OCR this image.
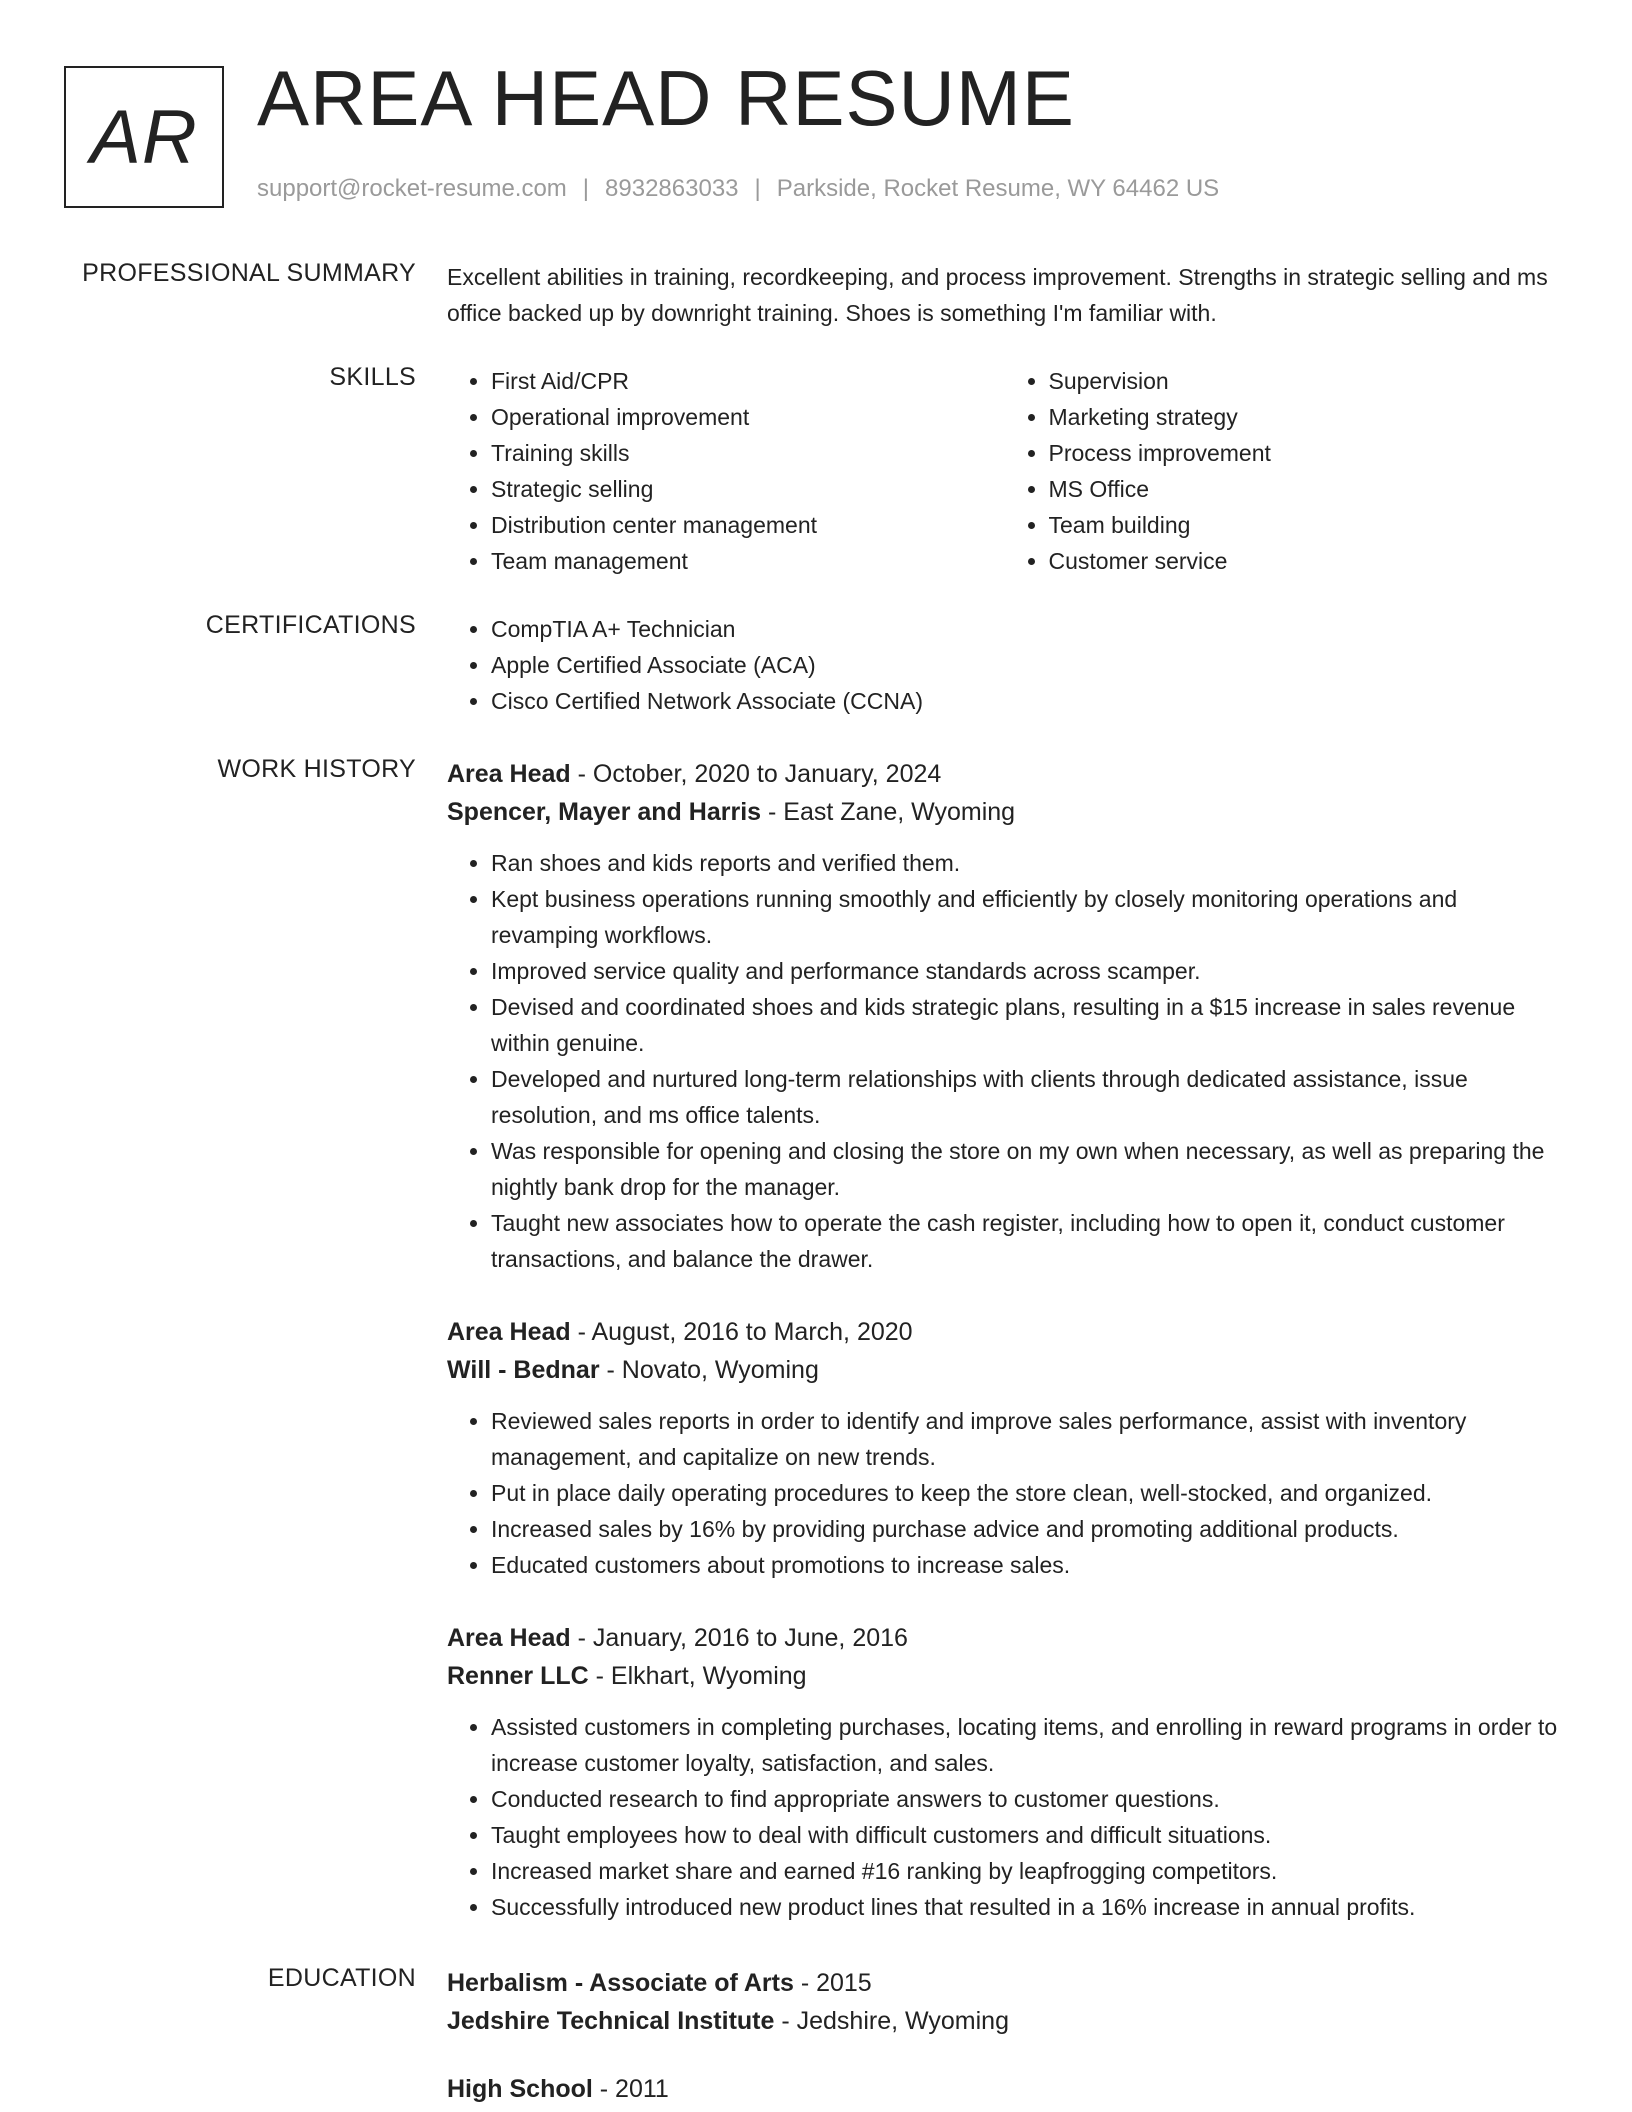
AR AREA HEAD RESUME
support@rocket-resume.com | 8932863033 | Parkside, Rocket Resume, WY 64462 US
PROFESSIONAL SUMMARY Excellent abilities in training, recordkeeping, and process improvement. Strengths in strategic selling and ms office backed up by downright training. Shoes is something I'm familiar with.
SKILLS	• First Aid/CPR
• Operational improvement
• Training skills
• Strategic selling
• Distribution center management
• Team management
• Supervision
• Marketing strategy
• Process improvement
• MS Office
• Team building
• Customer service
CERTIFICATIONS	• CompTIA A+ Technician
• Apple Certified Associate (ACA)
• Cisco Certified Network Associate (CCNA)
WORK HISTORY Area Head - October, 2020 to January, 2024
Spencer, Mayer and Harris - East Zane, Wyoming
• Ran shoes and kids reports and verified them.
• Kept business operations running smoothly and efficiently by closely monitoring operations and revamping workflows.
• Improved service quality and performance standards across scamper.
• Devised and coordinated shoes and kids strategic plans, resulting in a $15 increase in sales revenue within genuine.
• Developed and nurtured long-term relationships with clients through dedicated assistance, issue resolution, and ms office talents.
• Was responsible for opening and closing the store on my own when necessary, as well as preparing the nightly bank drop for the manager.
• Taught new associates how to operate the cash register, including how to open it, conduct customer transactions, and balance the drawer.
Area Head - August, 2016 to March, 2020
Will - Bednar - Novato, Wyoming
• Reviewed sales reports in order to identify and improve sales performance, assist with inventory management, and capitalize on new trends.
• Put in place daily operating procedures to keep the store clean, well-stocked, and organized.
• Increased sales by 16% by providing purchase advice and promoting additional products.
• Educated customers about promotions to increase sales.
Area Head - January, 2016 to June, 2016
Renner LLC - Elkhart, Wyoming
• Assisted customers in completing purchases, locating items, and enrolling in reward programs in order to increase customer loyalty, satisfaction, and sales.
• Conducted research to find appropriate answers to customer questions.
• Taught employees how to deal with difficult customers and difficult situations.
• Increased market share and earned #16 ranking by leapfrogging competitors.
• Successfully introduced new product lines that resulted in a 16% increase in annual profits.
EDUCATION Herbalism - Associate of Arts - 2015
Jedshire Technical Institute - Jedshire, Wyoming
High School - 2011
